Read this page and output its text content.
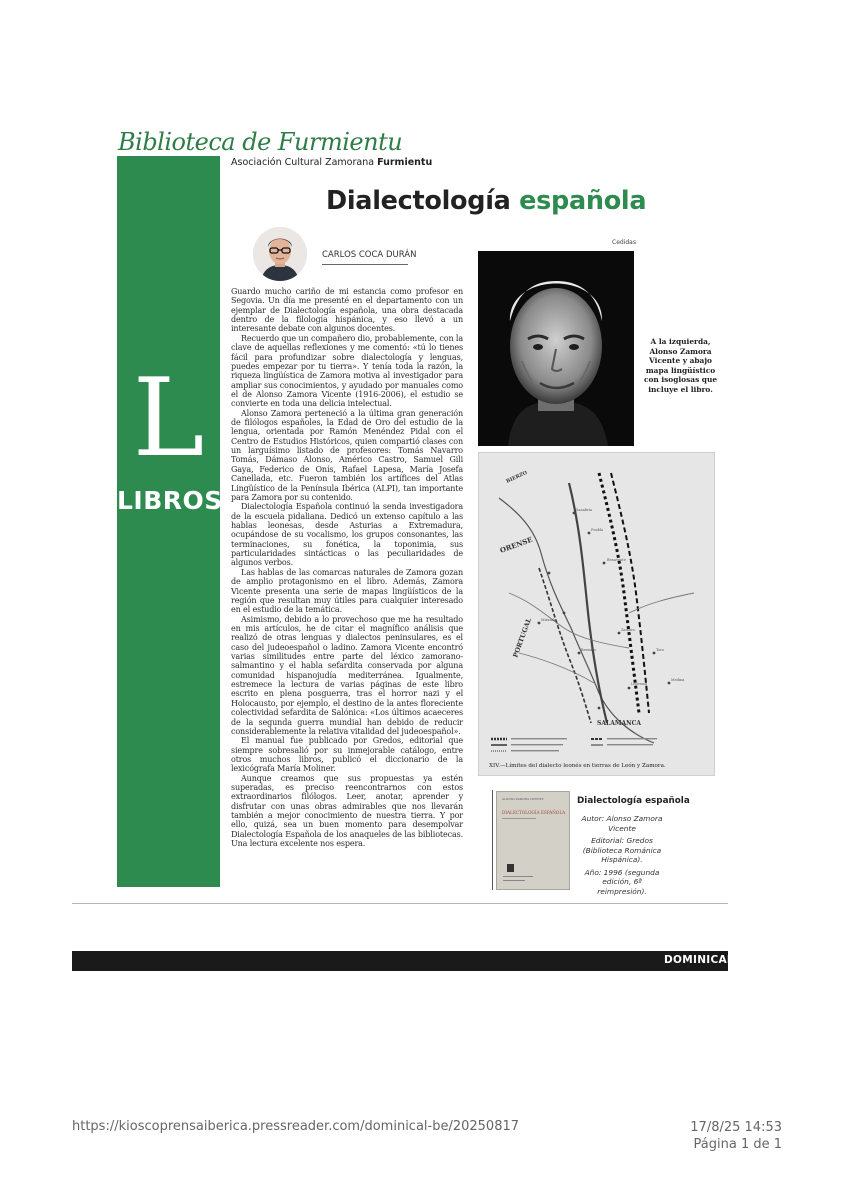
Biblioteca de Furmientu
L
LIBROS
Asociación Cultural Zamorana Furmientu
Dialectología española
CARLOS COCA DURÁN
Cedidas

Guardo mucho cariño de mi estancia como profesor en Segovia. Un día me presenté en el departamento con un ejemplar de Dialectología española, una obra destacada dentro de la filología hispánica, y eso llevó a un interesante debate con algunos docentes.

Recuerdo que un compañero dio, probablemente, con la clave de aquellas reflexiones y me comentó: «tú lo tienes fácil para profundizar sobre dialectología y lenguas, puedes empezar por tu tierra». Y tenía toda la razón, la riqueza lingüística de Zamora motiva al investigador para ampliar sus conocimientos, y ayudado por manuales como el de Alonso Zamora Vicente (1916-2006), el estudio se convierte en toda una delicia intelectual.

Alonso Zamora perteneció a la última gran generación de filólogos españoles, la Edad de Oro del estudio de la lengua, orientada por Ramón Menéndez Pidal con el Centro de Estudios Históricos, quien compartió clases con un larguísimo listado de profesores: Tomás Navarro Tomás, Dámaso Alonso, Américo Castro, Samuel Gili Gaya, Federico de Onís, Rafael Lapesa, María Josefa Canellada, etc. Fueron también los artífices del Atlas Lingüístico de la Península Ibérica (ALPI), tan importante para Zamora por su contenido.

Dialectología Española continuó la senda investigadora de la escuela pidaliana. Dedicó un extenso capítulo a las hablas leonesas, desde Asturias a Extremadura, ocupándose de su vocalismo, los grupos consonantes, las terminaciones, su fonética, la toponimia, sus particularidades sintácticas o las peculiaridades de algunos verbos.

Las hablas de las comarcas naturales de Zamora gozan de amplio protagonismo en el libro. Además, Zamora Vicente presenta una serie de mapas lingüísticos de la región que resultan muy útiles para cualquier interesado en el estudio de la temática.

Asimismo, debido a lo provechoso que me ha resultado en mis artículos, he de citar el magnífico análisis que realizó de otras lenguas y dialectos peninsulares, es el caso del judeoespañol o ladino. Zamora Vicente encontró varias similitudes entre parte del léxico zamorano-salmantino y el habla sefardita conservada por alguna comunidad hispanojudía mediterránea. Igualmente, estremece la lectura de varias páginas de este libro escrito en plena posguerra, tras el horror nazi y el Holocausto, por ejemplo, el destino de la antes floreciente colectividad sefardita de Salónica: «Los últimos acaeceres de la segunda guerra mundial han debido de reducir considerablemente la relativa vitalidad del judeoespañol».

El manual fue publicado por Gredos, editorial que siempre sobresalió por su inmejorable catálogo, entre otros muchos libros, publicó el diccionario de la lexicógrafa María Moliner.

Aunque creamos que sus propuestas ya estén superadas, es preciso reencontrarnos con estos extraordinarios filólogos. Leer, anotar, aprender y disfrutar con unas obras admirables que nos llevarán también a mejor conocimiento de nuestra tierra. Y por ello, quizá, sea un buen momento para desempolvar Dialectología Española de los anaqueles de las bibliotecas. Una lectura excelente nos espera.

A la izquierda, Alonso Zamora Vicente y abajo mapa lingüístico con isoglosas que incluye el libro.
Sanabria
Puebla
Benavente
Zamora
Toro
Medina
Bermillo
Miranda
Ledesma
ORENSE
PORTUGAL
SALAMANCA
BIERZO
XIV.—Límites del dialecto leonés en tierras de León y Zamora.
ALONSO ZAMORA VICENTE
DIALECTOLOGÍA ESPAÑOLA
Dialectología española
Autor: Alonso Zamora Vicente
Editorial: Gredos (Biblioteca Románica Hispánica).
Año: 1996 (segunda edición, 6ª reimpresión).
DOMINICAL
https://kioscoprensaiberica.pressreader.com/dominical-be/20250817	17/8/25 14:53
Página 1 de 1
